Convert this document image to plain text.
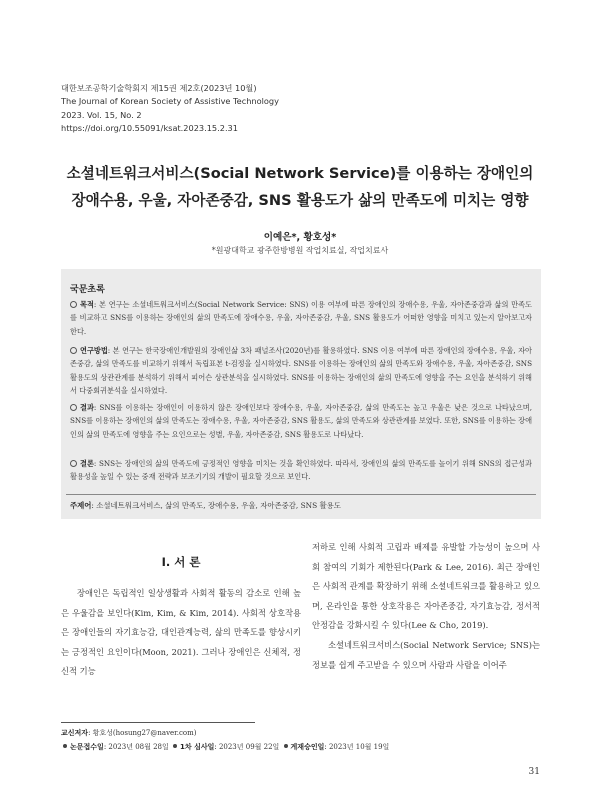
대한보조공학기술학회지 제15권 제2호(2023년 10월)
The Journal of Korean Society of Assistive Technology
2023. Vol. 15, No. 2
https://doi.org/10.55091/ksat.2023.15.2.31
소셜네트워크서비스(Social Network Service)를 이용하는 장애인의
장애수용, 우울, 자아존중감, SNS 활용도가 삶의 만족도에 미치는 영향
이예은*, 황호성*
*원광대학교 광주한방병원 작업치료실, 작업치료사
국문초록
목적: 본 연구는 소셜네트워크서비스(Social Network Service: SNS) 이용 여부에 따른 장애인의 장애수용, 우울, 자아존중감과 삶의 만족도를 비교하고 SNS를 이용하는 장애인의 삶의 만족도에 장애수용, 우울, 자아존중감, 우울, SNS 활용도가 어떠한 영향을 미치고 있는지 알아보고자 한다.
연구방법: 본 연구는 한국장애인개발원의 장애인삶 3차 패널조사(2020년)를 활용하였다. SNS 이용 여부에 따른 장애인의 장애수용, 우울, 자아존중감, 삶의 만족도를 비교하기 위해서 독립표본 t-검정을 실시하였다. SNS를 이용하는 장애인의 삶의 만족도와 장애수용, 우울, 자아존중감, SNS 활용도의 상관관계를 분석하기 위해서 피어슨 상관분석을 실시하였다. SNS를 이용하는 장애인의 삶의 만족도에 영향을 주는 요인을 분석하기 위해서 다중회귀분석을 실시하였다.
결과: SNS를 이용하는 장애인이 이용하지 않은 장애인보다 장애수용, 우울, 자아존중감, 삶의 만족도는 높고 우울은 낮은 것으로 나타났으며, SNS를 이용하는 장애인의 삶의 만족도는 장애수용, 우울, 자아존중감, SNS 활용도, 삶의 만족도와 상관관계를 보였다. 또한, SNS를 이용하는 장애인의 삶의 만족도에 영향을 주는 요인으로는 성별, 우울, 자아존중감, SNS 활용도로 나타났다.
결론: SNS는 장애인의 삶의 만족도에 긍정적인 영향을 미치는 것을 확인하였다. 따라서, 장애인의 삶의 만족도를 높이기 위해 SNS의 접근성과 활용성을 높일 수 있는 중재 전략과 보조기기의 개발이 필요할 것으로 보인다.
주제어: 소셜네트워크서비스, 삶의 만족도, 장애수용, 우울, 자아존중감, SNS 활용도
I. 서 론

장애인은 독립적인 일상생활과 사회적 활동의 감소로 인해 높은 우울감을 보인다(Kim, Kim, & Kim, 2014). 사회적 상호작용은 장애인들의 자기효능감, 대인관계능력, 삶의 만족도를 향상시키는 긍정적인 요인이다(Moon, 2021). 그러나 장애인은 신체적, 정신적 기능

저하로 인해 사회적 고립과 배제를 유발할 가능성이 높으며 사회 참여의 기회가 제한된다(Park & Lee, 2016). 최근 장애인은 사회적 관계를 확장하기 위해 소셜네트워크를 활용하고 있으며, 온라인을 통한 상호작용은 자아존중감, 자기효능감, 정서적 안정감을 강화시킬 수 있다(Lee & Cho, 2019).

소셜네트워크서비스(Social Network Service; SNS)는 정보를 쉽게 주고받을 수 있으며 사람과 사람을 이어주

교신저자: 황호성(hosung27@naver.com)
논문접수일: 2023년 08월 28일 1차 심사일: 2023년 09월 22일 게재승인일: 2023년 10월 19일
31
